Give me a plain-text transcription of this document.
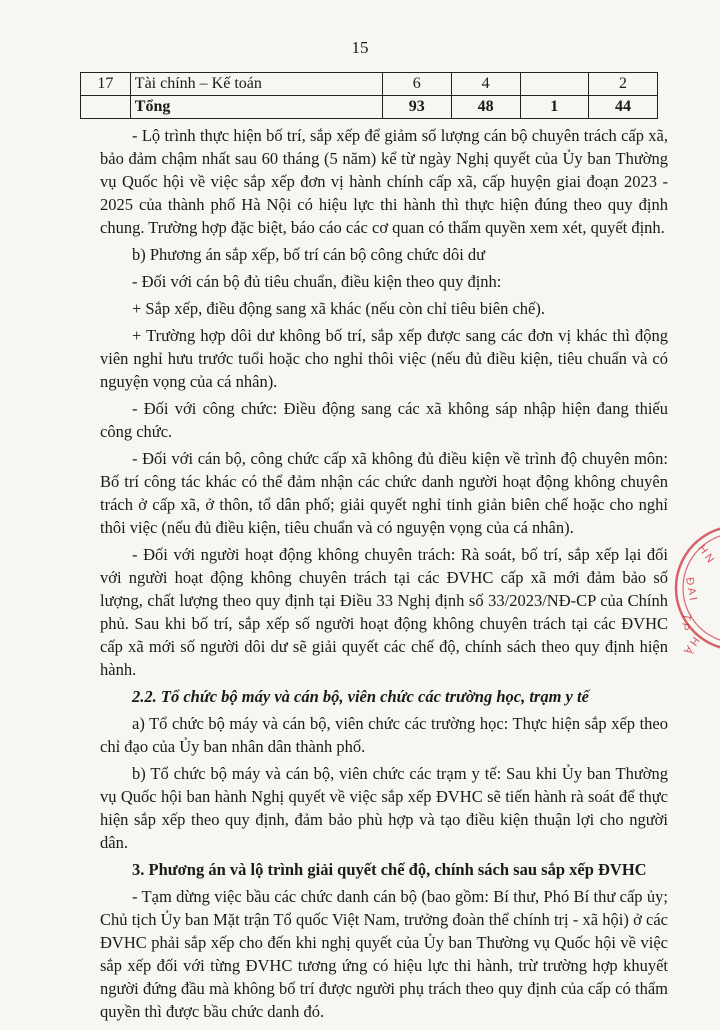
15
17	Tài chính – Kế toán	6	4		2
	Tổng	93	48	1	44

- Lộ trình thực hiện bố trí, sắp xếp để giảm số lượng cán bộ chuyên trách cấp xã, bảo đảm chậm nhất sau 60 tháng (5 năm) kể từ ngày Nghị quyết của Ủy ban Thường vụ Quốc hội về việc sắp xếp đơn vị hành chính cấp xã, cấp huyện giai đoạn 2023 - 2025 của thành phố Hà Nội có hiệu lực thi hành thì thực hiện đúng theo quy định chung. Trường hợp đặc biệt, báo cáo các cơ quan có thẩm quyền xem xét, quyết định.

b) Phương án sắp xếp, bố trí cán bộ công chức dôi dư

- Đối với cán bộ đủ tiêu chuẩn, điều kiện theo quy định:

+ Sắp xếp, điều động sang xã khác (nếu còn chỉ tiêu biên chế).

+ Trường hợp dôi dư không bố trí, sắp xếp được sang các đơn vị khác thì động viên nghỉ hưu trước tuổi hoặc cho nghỉ thôi việc (nếu đủ điều kiện, tiêu chuẩn và có nguyện vọng của cá nhân).

- Đối với công chức: Điều động sang các xã không sáp nhập hiện đang thiếu công chức.

- Đối với cán bộ, công chức cấp xã không đủ điều kiện về trình độ chuyên môn: Bố trí công tác khác có thể đảm nhận các chức danh người hoạt động không chuyên trách ở cấp xã, ở thôn, tổ dân phố; giải quyết nghỉ tinh giản biên chế hoặc cho nghỉ thôi việc (nếu đủ điều kiện, tiêu chuẩn và có nguyện vọng của cá nhân).

- Đối với người hoạt động không chuyên trách: Rà soát, bố trí, sắp xếp lại đối với người hoạt động không chuyên trách tại các ĐVHC cấp xã mới đảm bảo số lượng, chất lượng theo quy định tại Điều 33 Nghị định số 33/2023/NĐ-CP của Chính phủ. Sau khi bố trí, sắp xếp số người hoạt động không chuyên trách tại các ĐVHC cấp xã mới số người dôi dư sẽ giải quyết các chế độ, chính sách theo quy định hiện hành.

2.2. Tổ chức bộ máy và cán bộ, viên chức các trường học, trạm y tế

a) Tổ chức bộ máy và cán bộ, viên chức các trường học: Thực hiện sắp xếp theo chỉ đạo của Ủy ban nhân dân thành phố.

b) Tổ chức bộ máy và cán bộ, viên chức các trạm y tế: Sau khi Ủy ban Thường vụ Quốc hội ban hành Nghị quyết về việc sắp xếp ĐVHC sẽ tiến hành rà soát để thực hiện sắp xếp theo quy định, đảm bảo phù hợp và tạo điều kiện thuận lợi cho người dân.

3. Phương án và lộ trình giải quyết chế độ, chính sách sau sắp xếp ĐVHC

- Tạm dừng việc bầu các chức danh cán bộ (bao gồm: Bí thư, Phó Bí thư cấp ủy; Chủ tịch Ủy ban Mặt trận Tổ quốc Việt Nam, trưởng đoàn thể chính trị - xã hội) ở các ĐVHC phải sắp xếp cho đến khi nghị quyết của Ủy ban Thường vụ Quốc hội về việc sắp xếp đối với từng ĐVHC tương ứng có hiệu lực thi hành, trừ trường hợp khuyết người đứng đầu mà không bố trí được người phụ trách theo quy định của cấp có thẩm quyền thì được bầu chức danh đó.

H N
Đ A I
T P
H À
